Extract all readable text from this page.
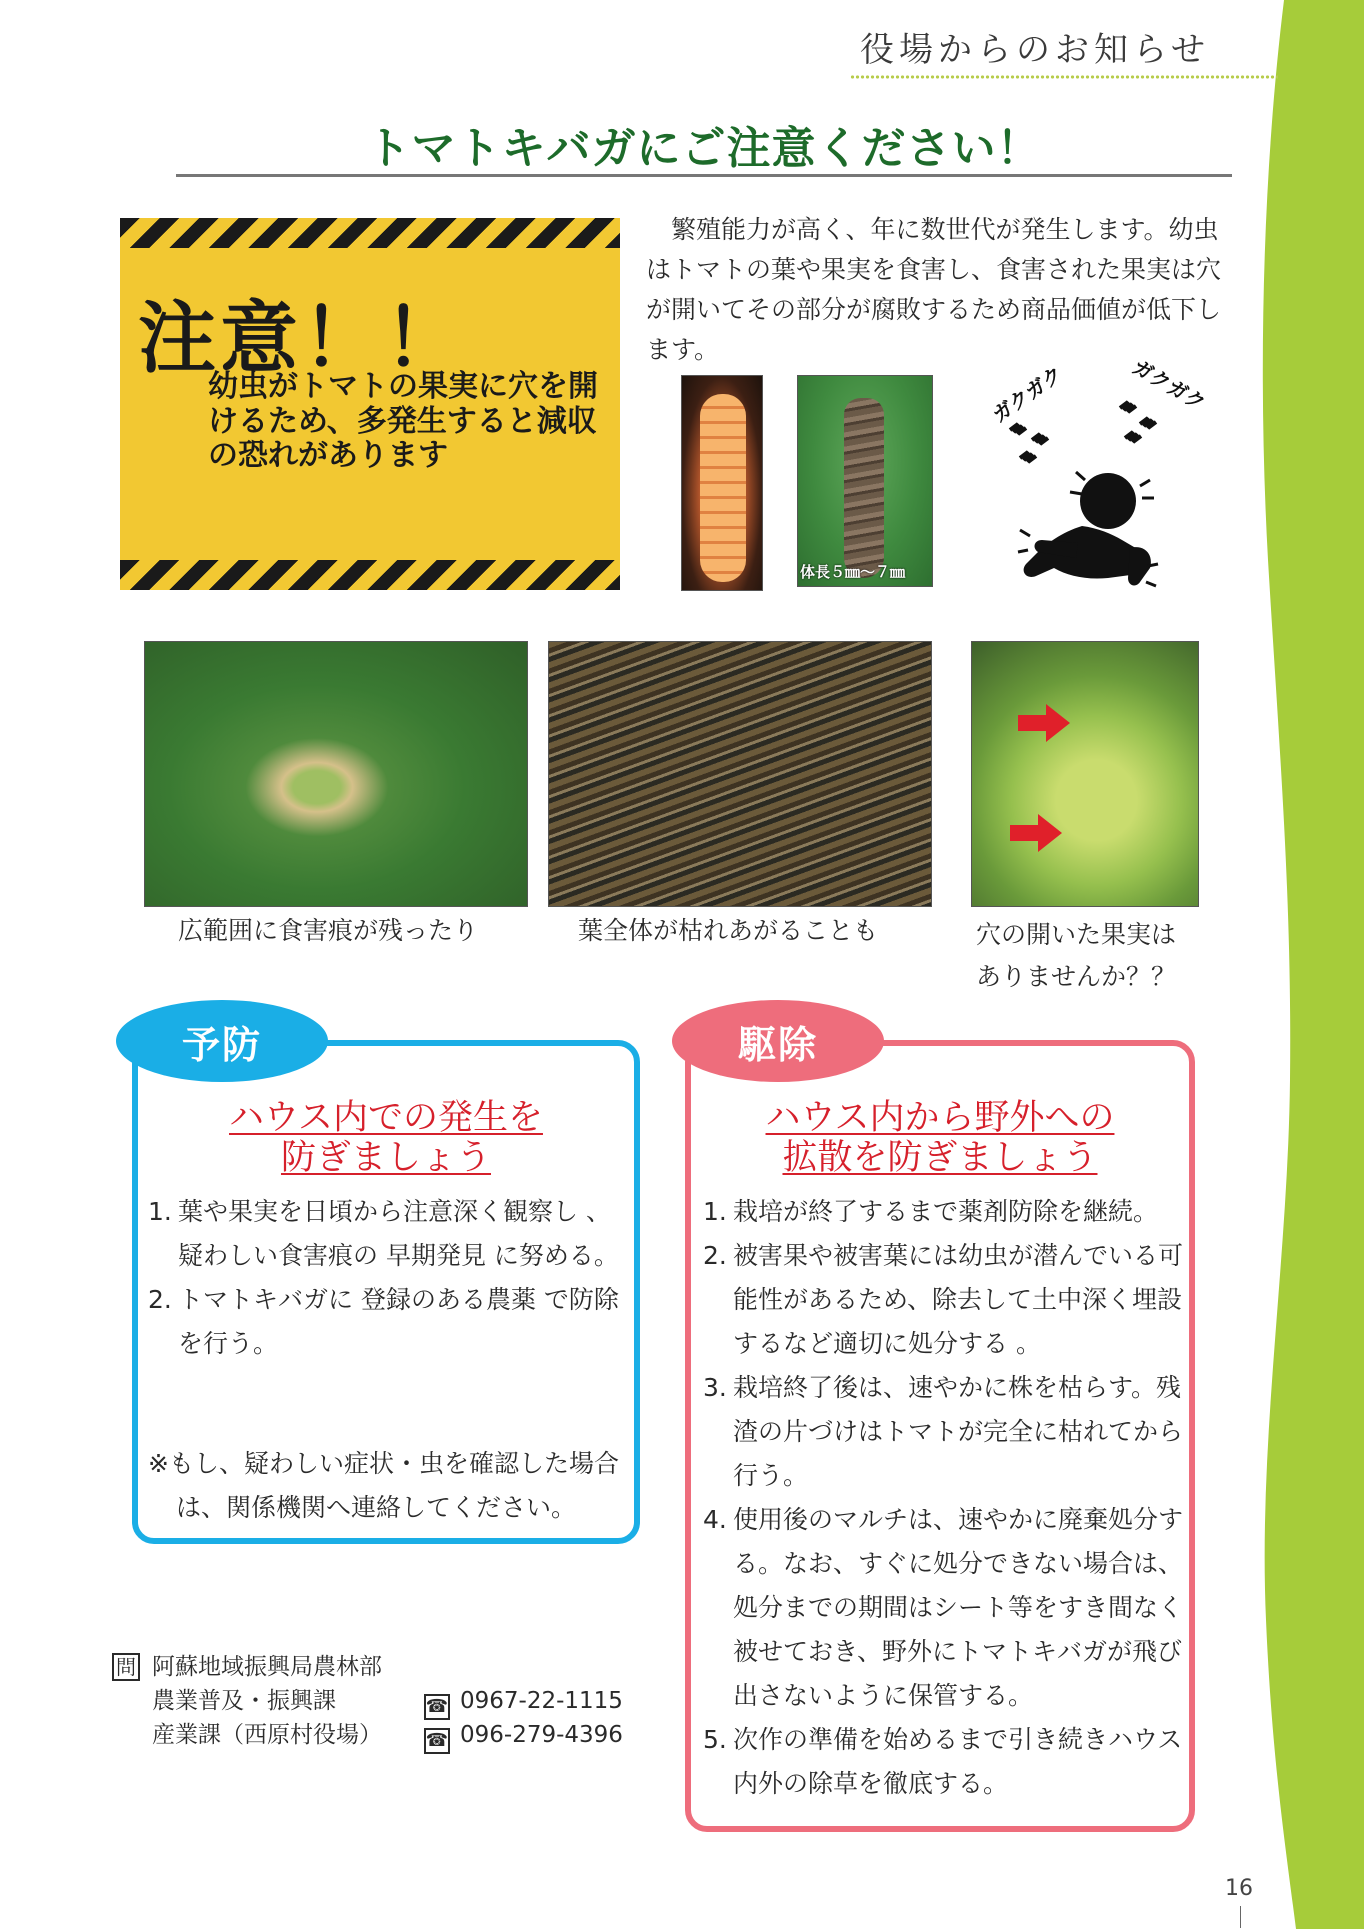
役場からのお知らせ
トマトキバガにご注意ください！
注意！！
幼虫がトマトの果実に穴を開けるため、多発生すると減収の恐れがあります

　繁殖能力が高く、年に数世代が発生します。幼虫はトマトの葉や果実を食害し、食害された果実は穴が開いてその部分が腐敗するため商品価値が低下します。

体長５㎜～７㎜
ガクガク	ガクガク
広範囲に食害痕が残ったり	葉全体が枯れあがることも	穴の開いた果実は
ありませんか？？
予防
ハウス内での発生を
防ぎましょう
1. 葉や果実を日頃から注意深く観察し 、疑わしい食害痕の 早期発見 に努める。
2. トマトキバガに 登録のある農薬 で防除を行う。
※もし、疑わしい症状・虫を確認した場合は、関係機関へ連絡してください。
駆除
ハウス内から野外への
拡散を防ぎましょう
1. 栽培が終了するまで薬剤防除を継続。
2. 被害果や被害葉には幼虫が潜んでいる可能性があるため、除去して土中深く埋設するなど適切に処分する 。
3. 栽培終了後は、速やかに株を枯らす。残渣の片づけはトマトが完全に枯れてから行う。
4. 使用後のマルチは、速やかに廃棄処分する。なお、すぐに処分できない場合は、処分までの期間はシート等をすき間なく被せておき、野外にトマトキバガが飛び出さないように保管する。
5. 次作の準備を始めるまで引き続きハウス内外の除草を徹底する。
問 阿蘇地域振興局農林部
農業普及・振興課	☎ 0967-22-1115
産業課（西原村役場） ☎ 096-279-4396
16
